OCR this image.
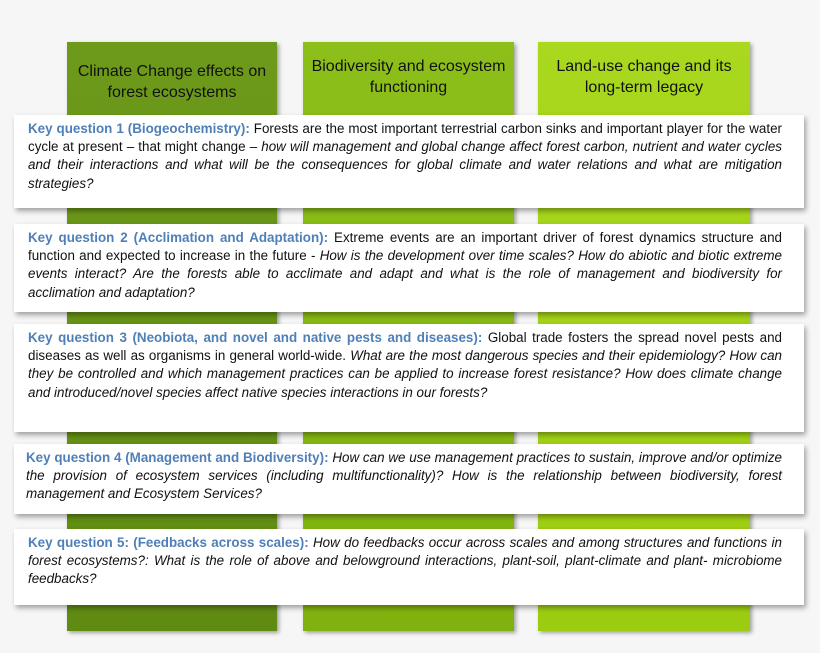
Climate Change effects on forest ecosystems
Biodiversity and ecosystem functioning
Land-use change and its long-term legacy
Key question 1 (Biogeochemistry): Forests are the most important terrestrial carbon sinks and important player for the water cycle at present – that might change – how will management and global change affect forest carbon, nutrient and water cycles and their interactions and what will be the consequences for global climate and water relations and what are mitigation strategies?
Key question 2 (Acclimation and Adaptation): Extreme events are an important driver of forest dynamics structure and function and expected to increase in the future - How is the development over time scales? How do abiotic and biotic extreme events interact? Are the forests able to acclimate and adapt and what is the role of management and biodiversity for acclimation and adaptation?
Key question 3 (Neobiota, and novel and native pests and diseases): Global trade fosters the spread novel pests and diseases as well as organisms in general world-wide. What are the most dangerous species and their epidemiology? How can they be controlled and which management practices can be applied to increase forest resistance? How does climate change and introduced/novel species affect native species interactions in our forests?
Key question 4 (Management and Biodiversity): How can we use management practices to sustain, improve and/or optimize the provision of ecosystem services (including multifunctionality)? How is the relationship between biodiversity, forest management and Ecosystem Services?
Key question 5: (Feedbacks across scales): How do feedbacks occur across scales and among structures and functions in forest ecosystems?: What is the role of above and belowground interactions, plant-soil, plant-climate and plant- microbiome feedbacks?
